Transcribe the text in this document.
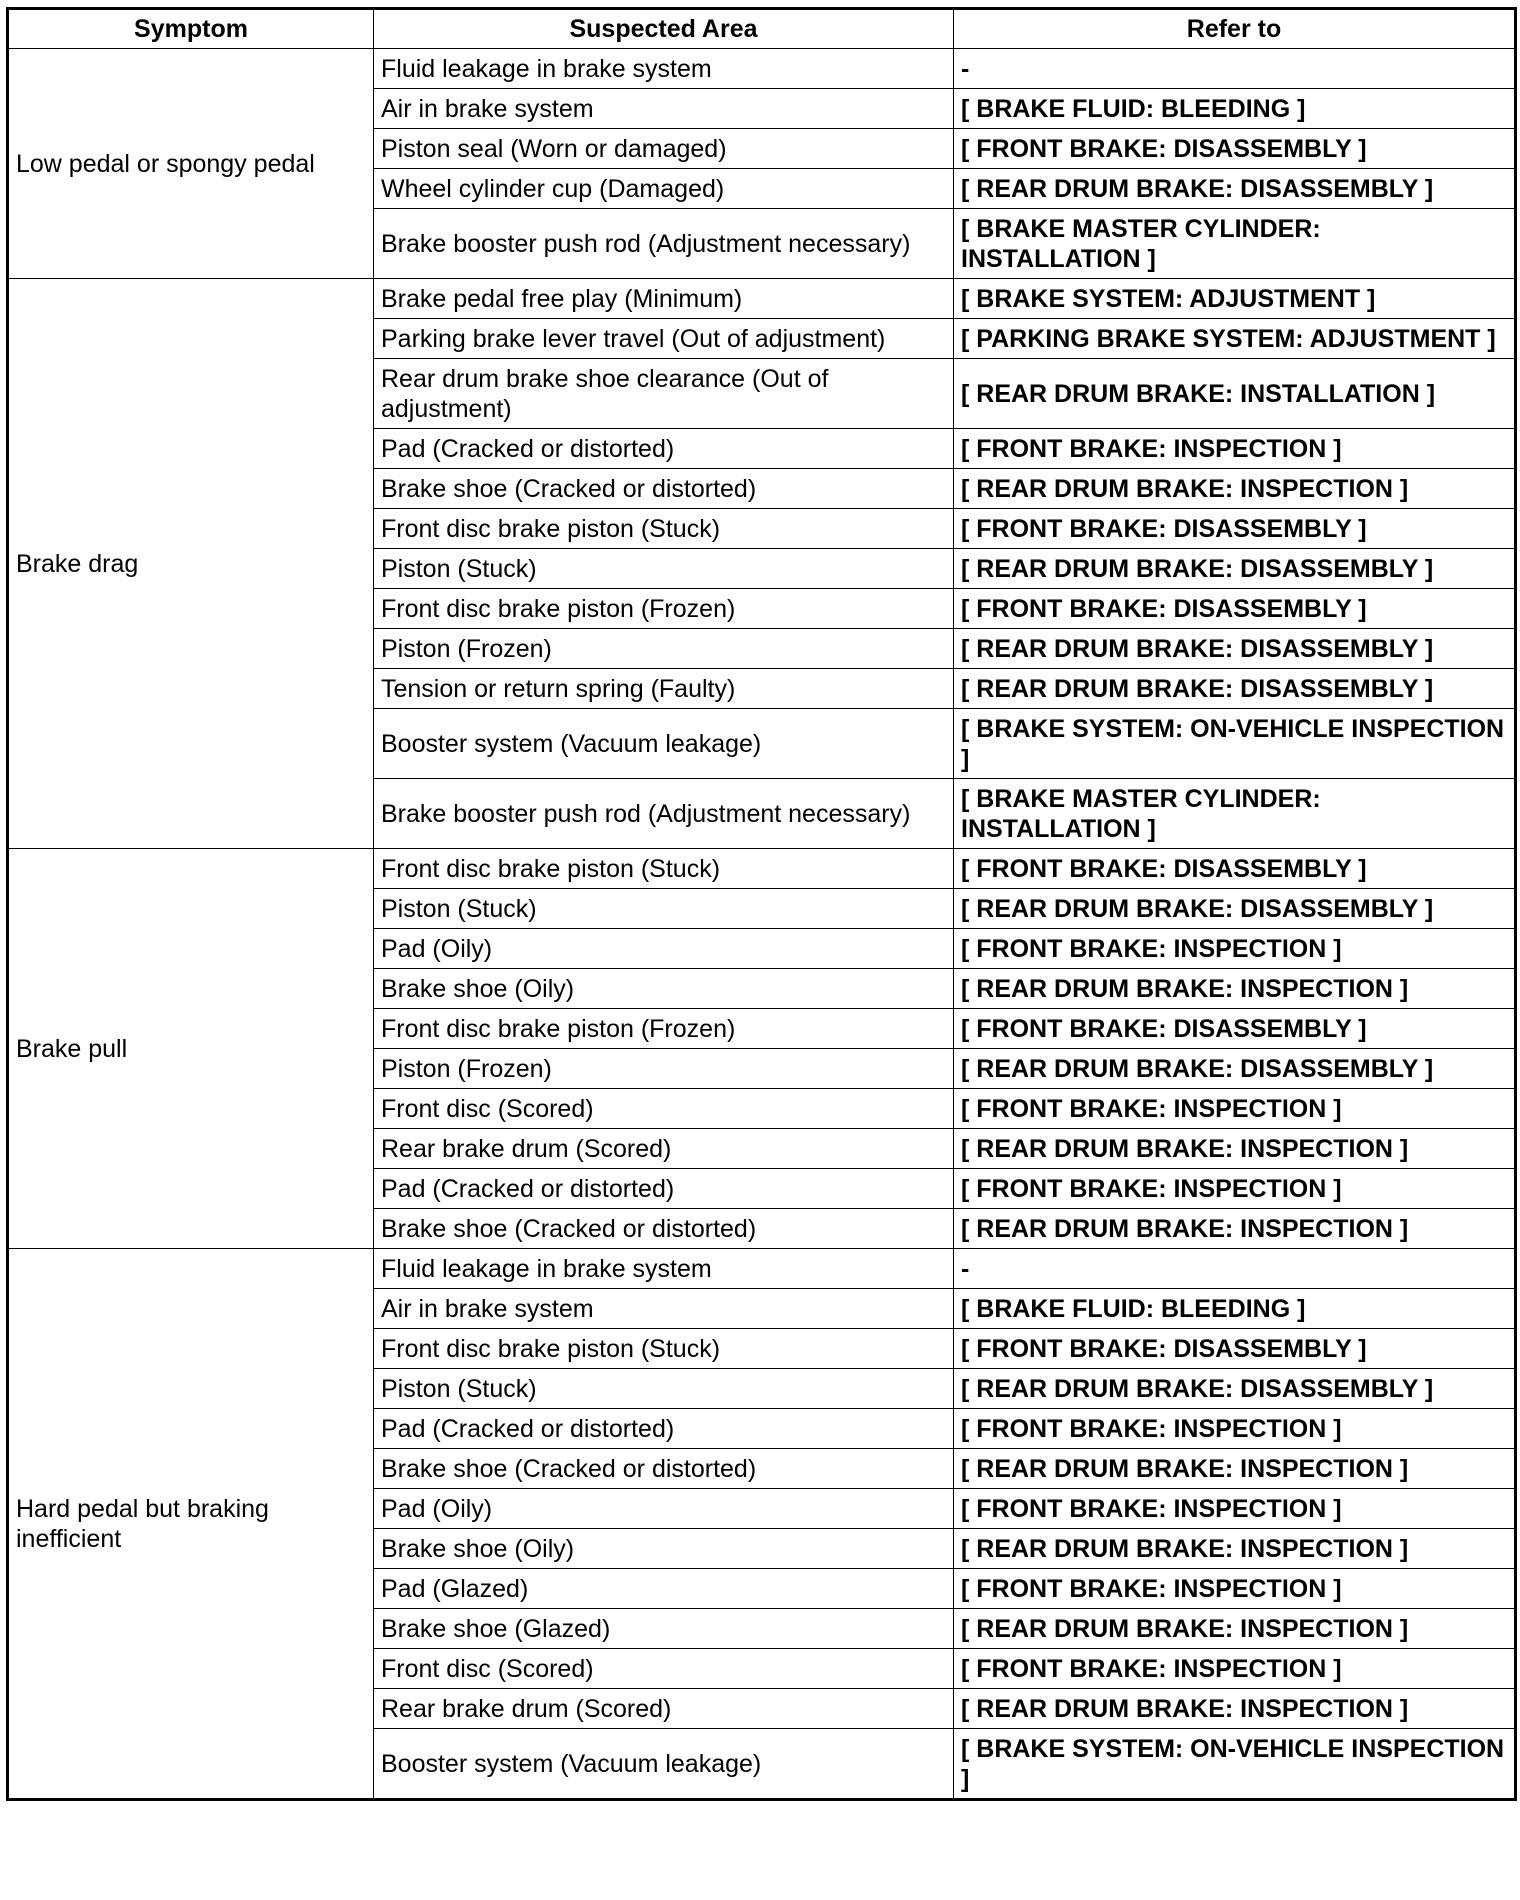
Symptom	Suspected Area	Refer to
Low pedal or spongy pedal	Fluid leakage in brake system	-
	Air in brake system	[ BRAKE FLUID: BLEEDING ]
	Piston seal (Worn or damaged)	[ FRONT BRAKE: DISASSEMBLY ]
	Wheel cylinder cup (Damaged)	[ REAR DRUM BRAKE: DISASSEMBLY ]
	Brake booster push rod (Adjustment necessary)	[ BRAKE MASTER CYLINDER: INSTALLATION ]
Brake drag	Brake pedal free play (Minimum)	[ BRAKE SYSTEM: ADJUSTMENT ]
	Parking brake lever travel (Out of adjustment)	[ PARKING BRAKE SYSTEM: ADJUSTMENT ]
	Rear drum brake shoe clearance (Out of adjustment)	[ REAR DRUM BRAKE: INSTALLATION ]
	Pad (Cracked or distorted)	[ FRONT BRAKE: INSPECTION ]
	Brake shoe (Cracked or distorted)	[ REAR DRUM BRAKE: INSPECTION ]
	Front disc brake piston (Stuck)	[ FRONT BRAKE: DISASSEMBLY ]
	Piston (Stuck)	[ REAR DRUM BRAKE: DISASSEMBLY ]
	Front disc brake piston (Frozen)	[ FRONT BRAKE: DISASSEMBLY ]
	Piston (Frozen)	[ REAR DRUM BRAKE: DISASSEMBLY ]
	Tension or return spring (Faulty)	[ REAR DRUM BRAKE: DISASSEMBLY ]
	Booster system (Vacuum leakage)	[ BRAKE SYSTEM: ON-VEHICLE INSPECTION ]
	Brake booster push rod (Adjustment necessary)	[ BRAKE MASTER CYLINDER: INSTALLATION ]
Brake pull	Front disc brake piston (Stuck)	[ FRONT BRAKE: DISASSEMBLY ]
	Piston (Stuck)	[ REAR DRUM BRAKE: DISASSEMBLY ]
	Pad (Oily)	[ FRONT BRAKE: INSPECTION ]
	Brake shoe (Oily)	[ REAR DRUM BRAKE: INSPECTION ]
	Front disc brake piston (Frozen)	[ FRONT BRAKE: DISASSEMBLY ]
	Piston (Frozen)	[ REAR DRUM BRAKE: DISASSEMBLY ]
	Front disc (Scored)	[ FRONT BRAKE: INSPECTION ]
	Rear brake drum (Scored)	[ REAR DRUM BRAKE: INSPECTION ]
	Pad (Cracked or distorted)	[ FRONT BRAKE: INSPECTION ]
	Brake shoe (Cracked or distorted)	[ REAR DRUM BRAKE: INSPECTION ]
Hard pedal but braking inefficient	Fluid leakage in brake system	-
	Air in brake system	[ BRAKE FLUID: BLEEDING ]
	Front disc brake piston (Stuck)	[ FRONT BRAKE: DISASSEMBLY ]
	Piston (Stuck)	[ REAR DRUM BRAKE: DISASSEMBLY ]
	Pad (Cracked or distorted)	[ FRONT BRAKE: INSPECTION ]
	Brake shoe (Cracked or distorted)	[ REAR DRUM BRAKE: INSPECTION ]
	Pad (Oily)	[ FRONT BRAKE: INSPECTION ]
	Brake shoe (Oily)	[ REAR DRUM BRAKE: INSPECTION ]
	Pad (Glazed)	[ FRONT BRAKE: INSPECTION ]
	Brake shoe (Glazed)	[ REAR DRUM BRAKE: INSPECTION ]
	Front disc (Scored)	[ FRONT BRAKE: INSPECTION ]
	Rear brake drum (Scored)	[ REAR DRUM BRAKE: INSPECTION ]
	Booster system (Vacuum leakage)	[ BRAKE SYSTEM: ON-VEHICLE INSPECTION ]
